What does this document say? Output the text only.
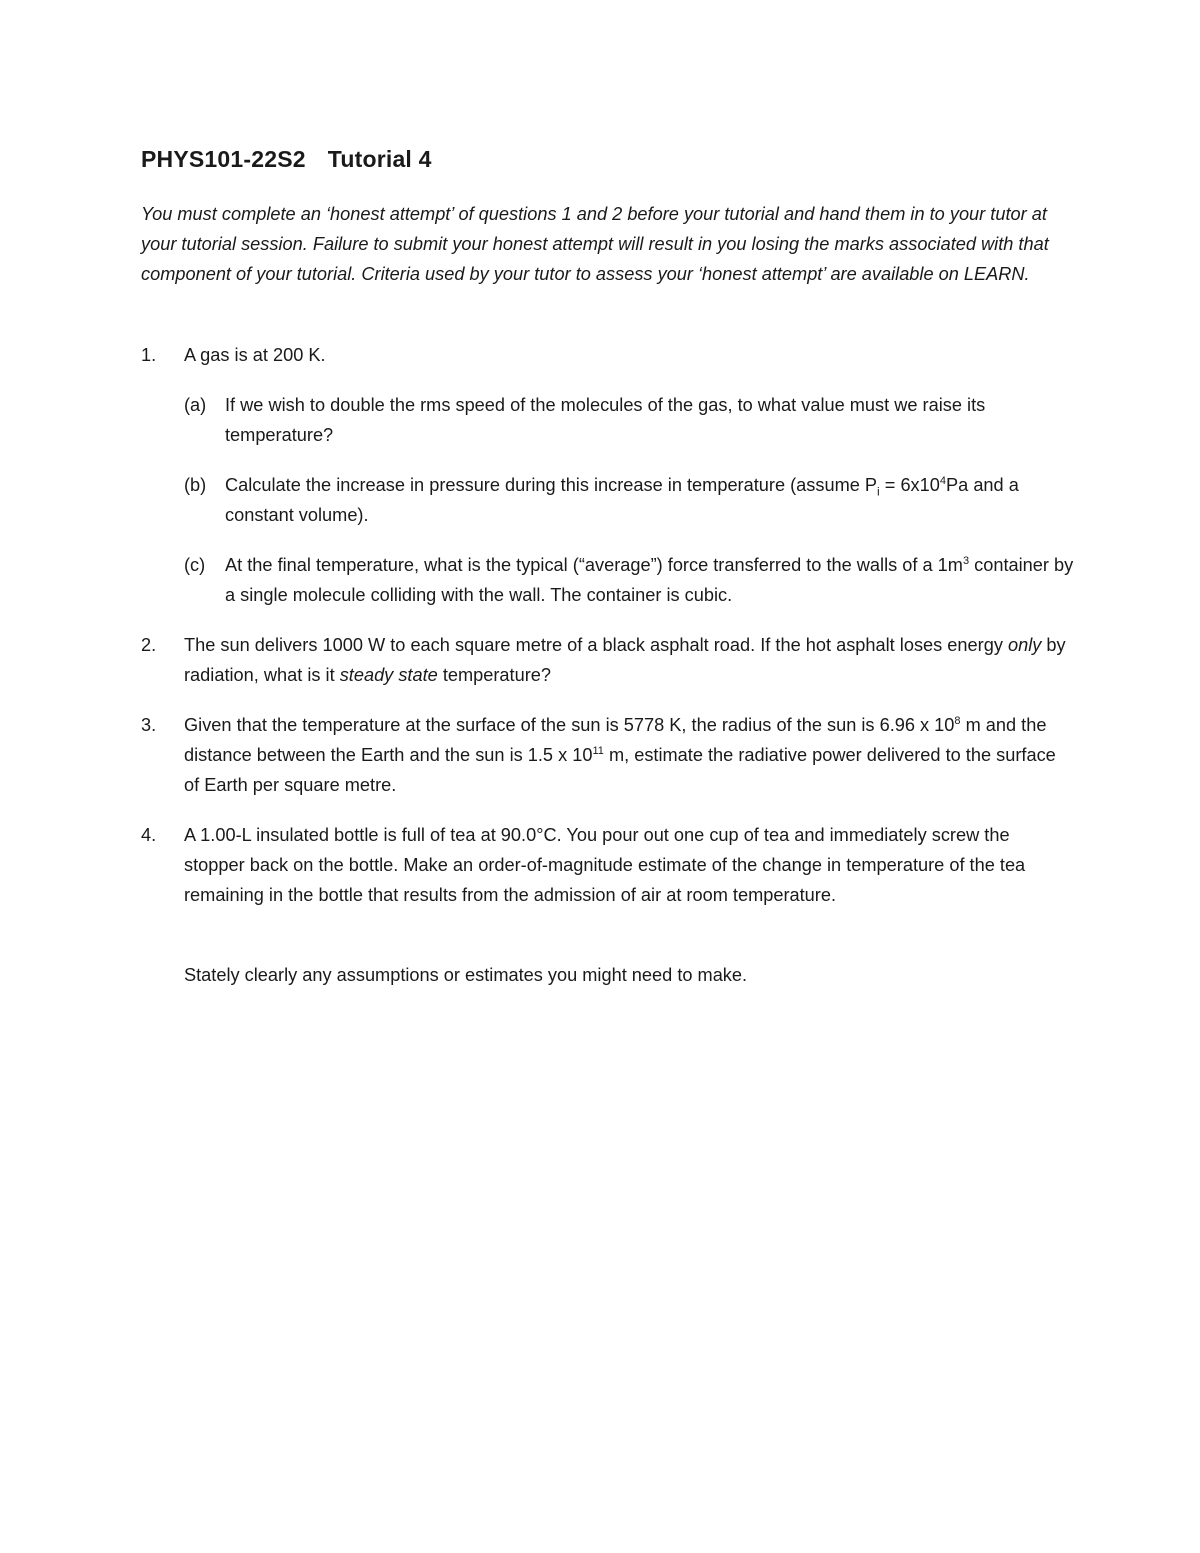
PHYS101-22S2 Tutorial 4
You must complete an ‘honest attempt’ of questions 1 and 2 before your tutorial and hand them in to your tutor at your tutorial session. Failure to submit your honest attempt will result in you losing the marks associated with that component of your tutorial. Criteria used by your tutor to assess your ‘honest attempt’ are available on LEARN.
1. A gas is at 200 K.
(a) If we wish to double the rms speed of the molecules of the gas, to what value must we raise its temperature?
(b) Calculate the increase in pressure during this increase in temperature (assume $P_i = 6x10^4Pa$ and a constant volume).
(c) At the final temperature, what is the typical (“average”) force transferred to the walls of a $1m^3$ container by a single molecule colliding with the wall. The container is cubic.
2. The sun delivers 1000 W to each square metre of a black asphalt road. If the hot asphalt loses energy only by radiation, what is it steady state temperature?
3. Given that the temperature at the surface of the sun is 5778 K, the radius of the sun is 6.96 x $10^8$ m and the distance between the Earth and the sun is 1.5 x $10^{11}$ m, estimate the radiative power delivered to the surface of Earth per square metre.
4. A 1.00-L insulated bottle is full of tea at 90.0°C. You pour out one cup of tea and immediately screw the stopper back on the bottle. Make an order-of-magnitude estimate of the change in temperature of the tea remaining in the bottle that results from the admission of air at room temperature.
Stately clearly any assumptions or estimates you might need to make.
